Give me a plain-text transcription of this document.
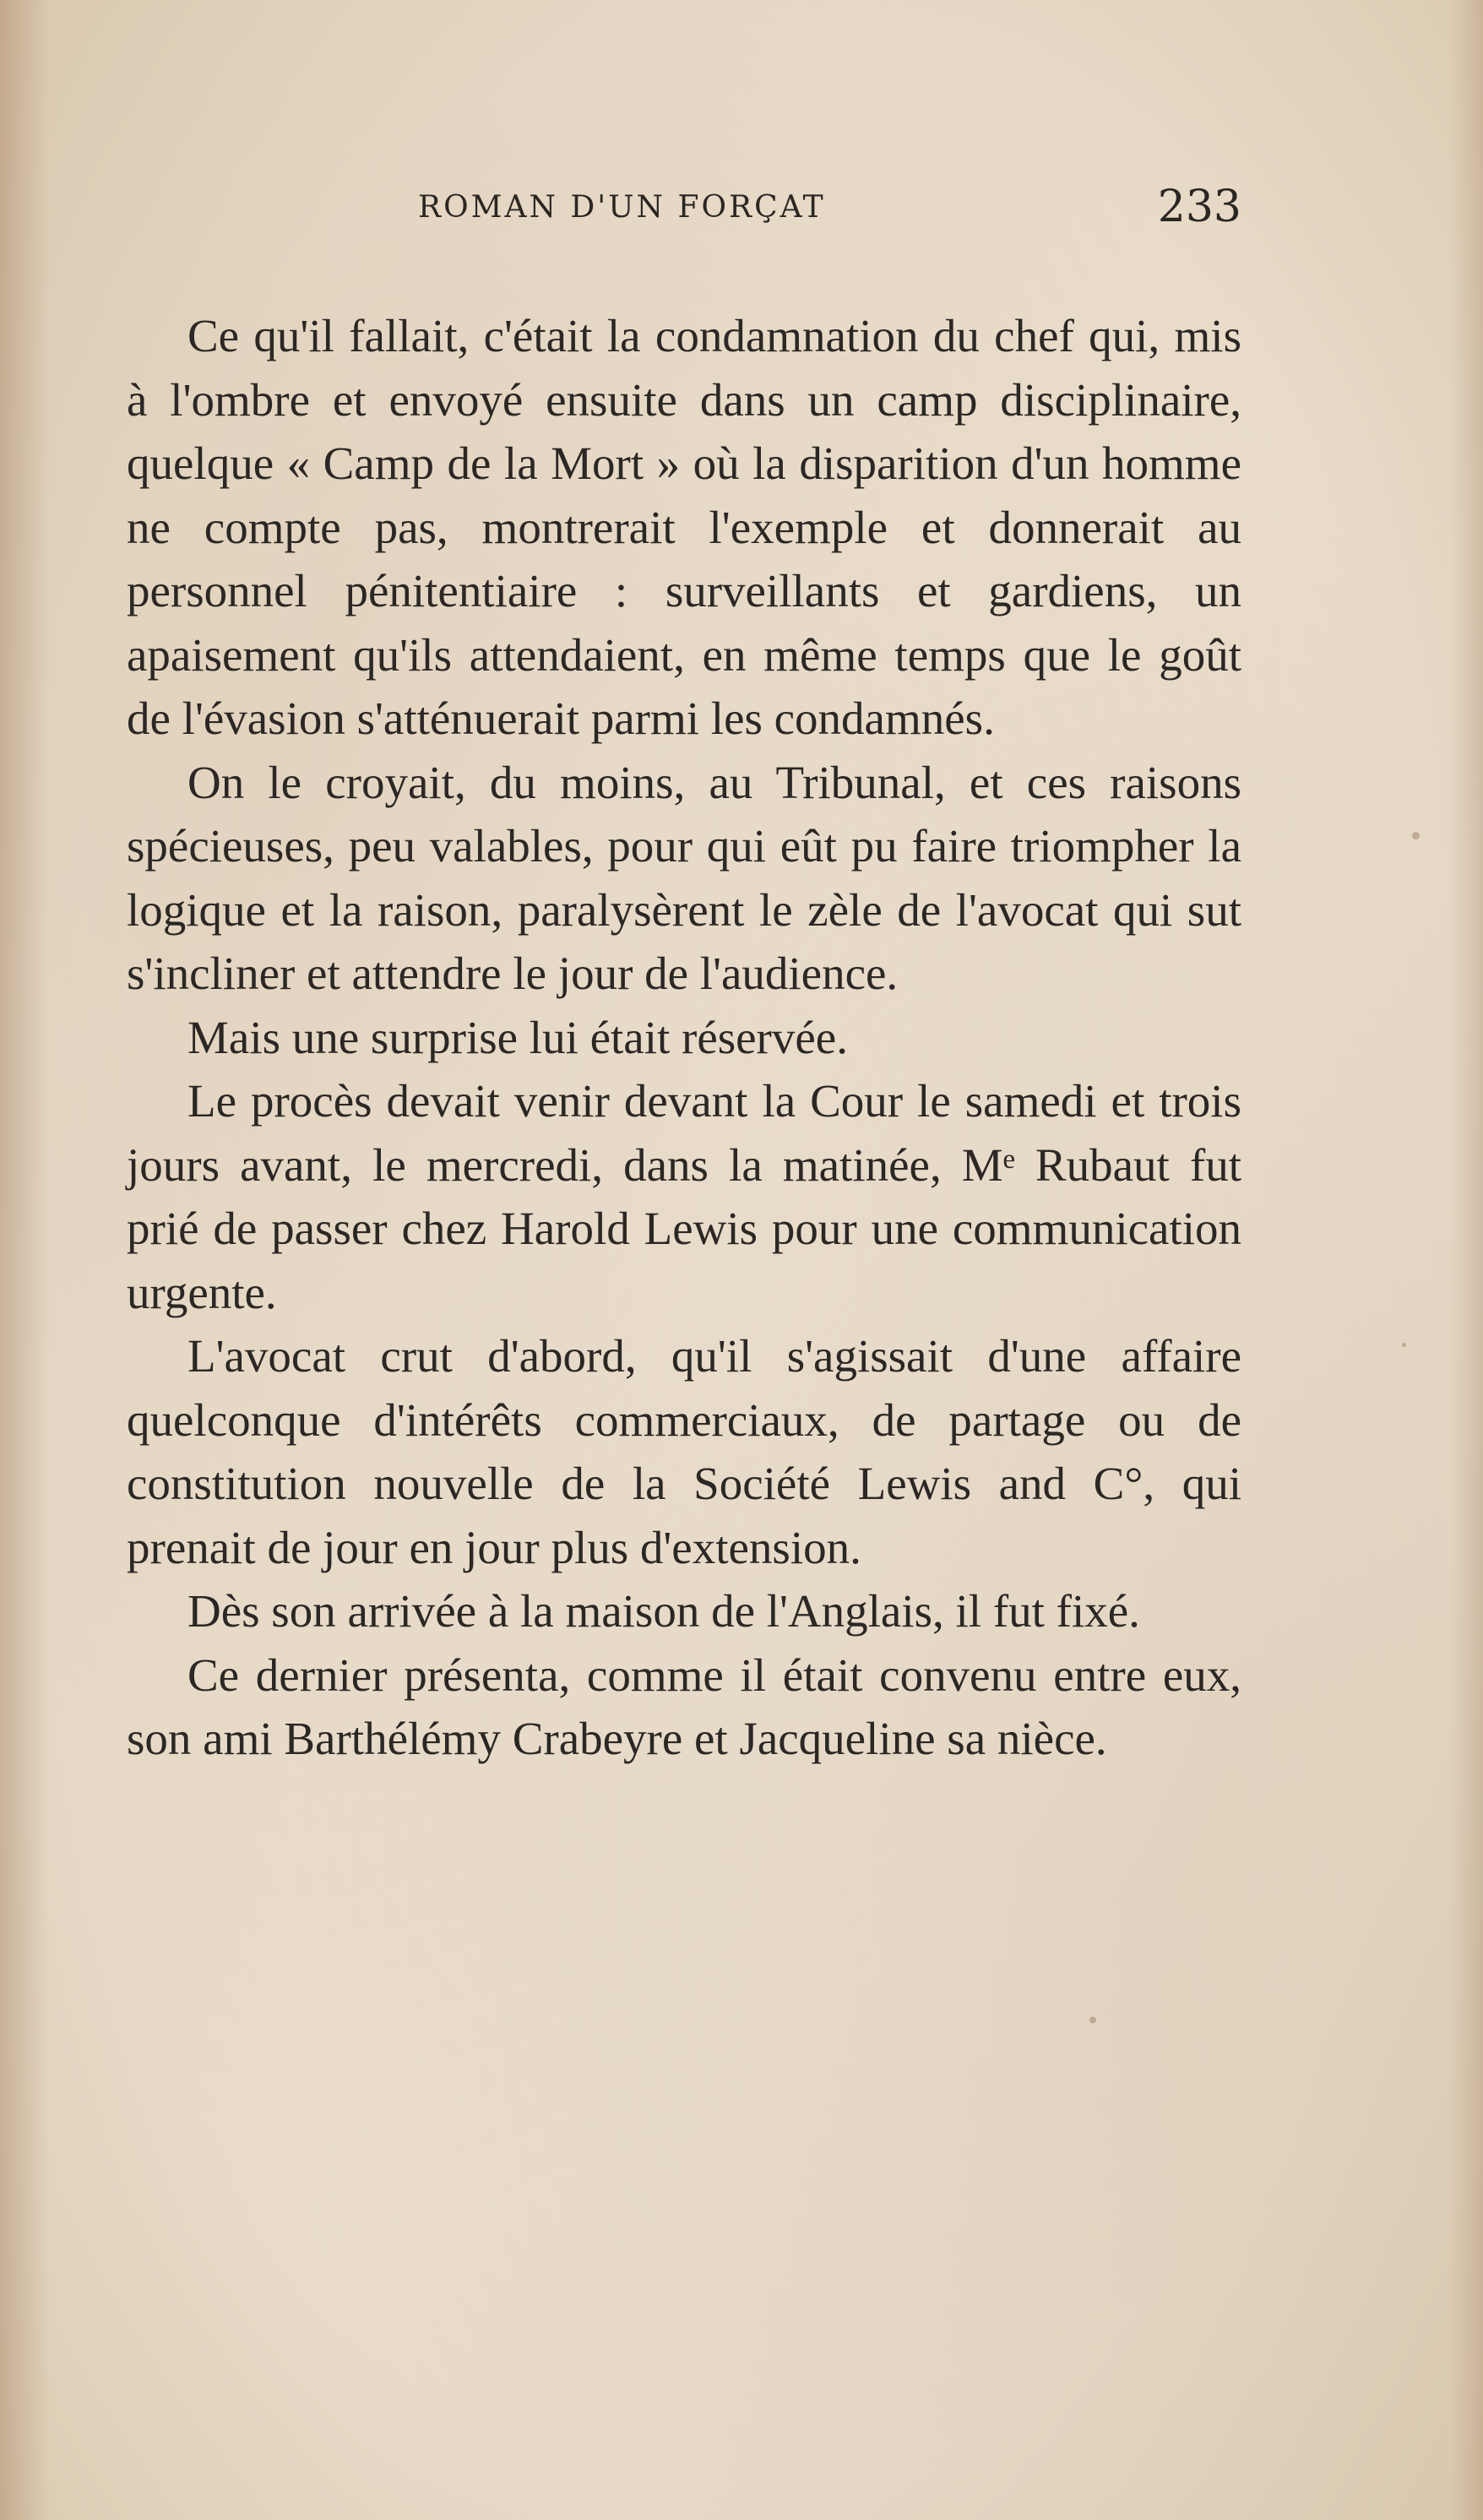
ROMAN D'UN FORÇAT	233

Ce qu'il fallait, c'était la condamnation du chef qui, mis à l'ombre et envoyé ensuite dans un camp disciplinaire, quelque « Camp de la Mort » où la disparition d'un homme ne compte pas, montrerait l'exemple et donnerait au personnel pénitentiaire : surveillants et gardiens, un apaisement qu'ils attendaient, en même temps que le goût de l'évasion s'atténuerait parmi les condamnés.

On le croyait, du moins, au Tribunal, et ces raisons spécieuses, peu valables, pour qui eût pu faire triompher la logique et la raison, paralysèrent le zèle de l'avocat qui sut s'incliner et attendre le jour de l'audience.

Mais une surprise lui était réservée.

Le procès devait venir devant la Cour le samedi et trois jours avant, le mercredi, dans la matinée, Mᵉ Rubaut fut prié de passer chez Harold Lewis pour une communication urgente.

L'avocat crut d'abord, qu'il s'agissait d'une affaire quelconque d'intérêts commerciaux, de partage ou de constitution nouvelle de la Société Lewis and C°, qui prenait de jour en jour plus d'extension.

Dès son arrivée à la maison de l'Anglais, il fut fixé.

Ce dernier présenta, comme il était convenu entre eux, son ami Barthélémy Crabeyre et Jacqueline sa nièce.
